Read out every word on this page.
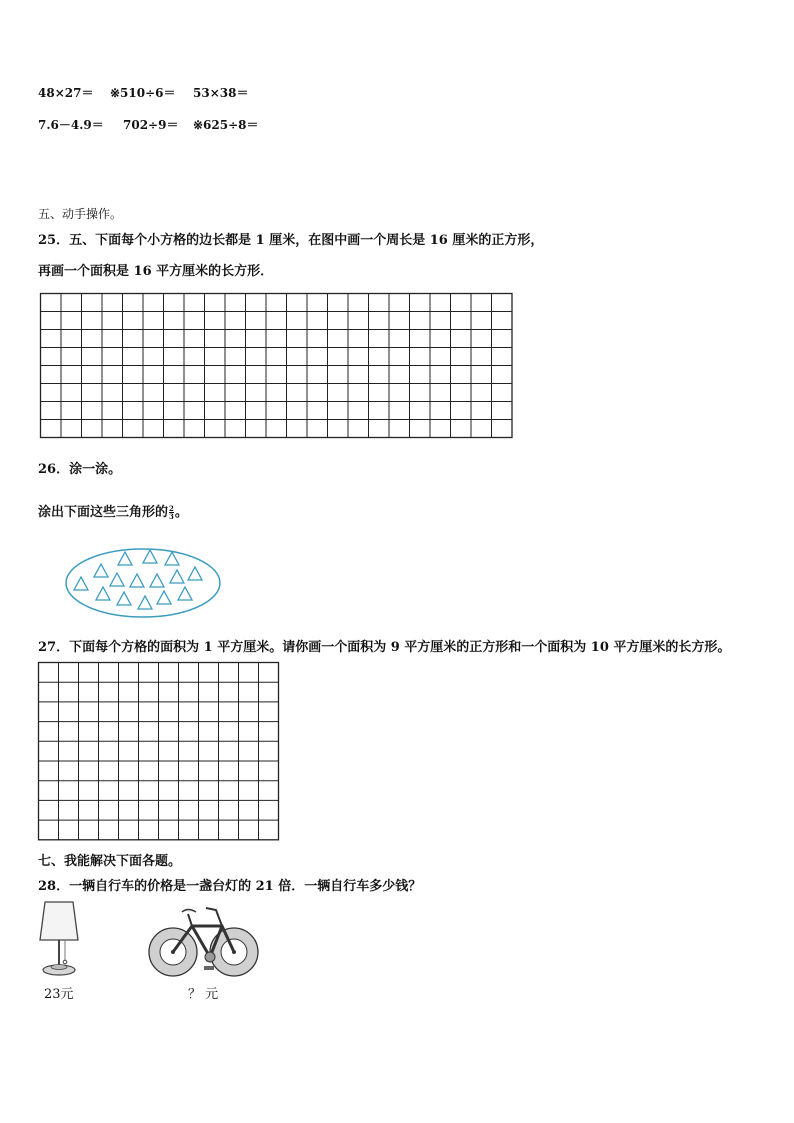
48×27＝ ※510÷6＝ 53×38＝
7.6－4.9＝ 702÷9＝ ※625÷8＝
五、动手操作。
25．五、下面每个小方格的边长都是 1 厘米，在图中画一个周长是 16 厘米的正方形，
再画一个面积是 16 平方厘米的长方形．
26．涂一涂。
涂出下面这些三角形的 $\frac{2}{3}$ 。
27．下面每个方格的面积为 1 平方厘米。请你画一个面积为 9 平方厘米的正方形和一个面积为 10 平方厘米的长方形。
七、我能解决下面各题。
28．一辆自行车的价格是一盏台灯的 21 倍．一辆自行车多少钱？
23元	？ 元
